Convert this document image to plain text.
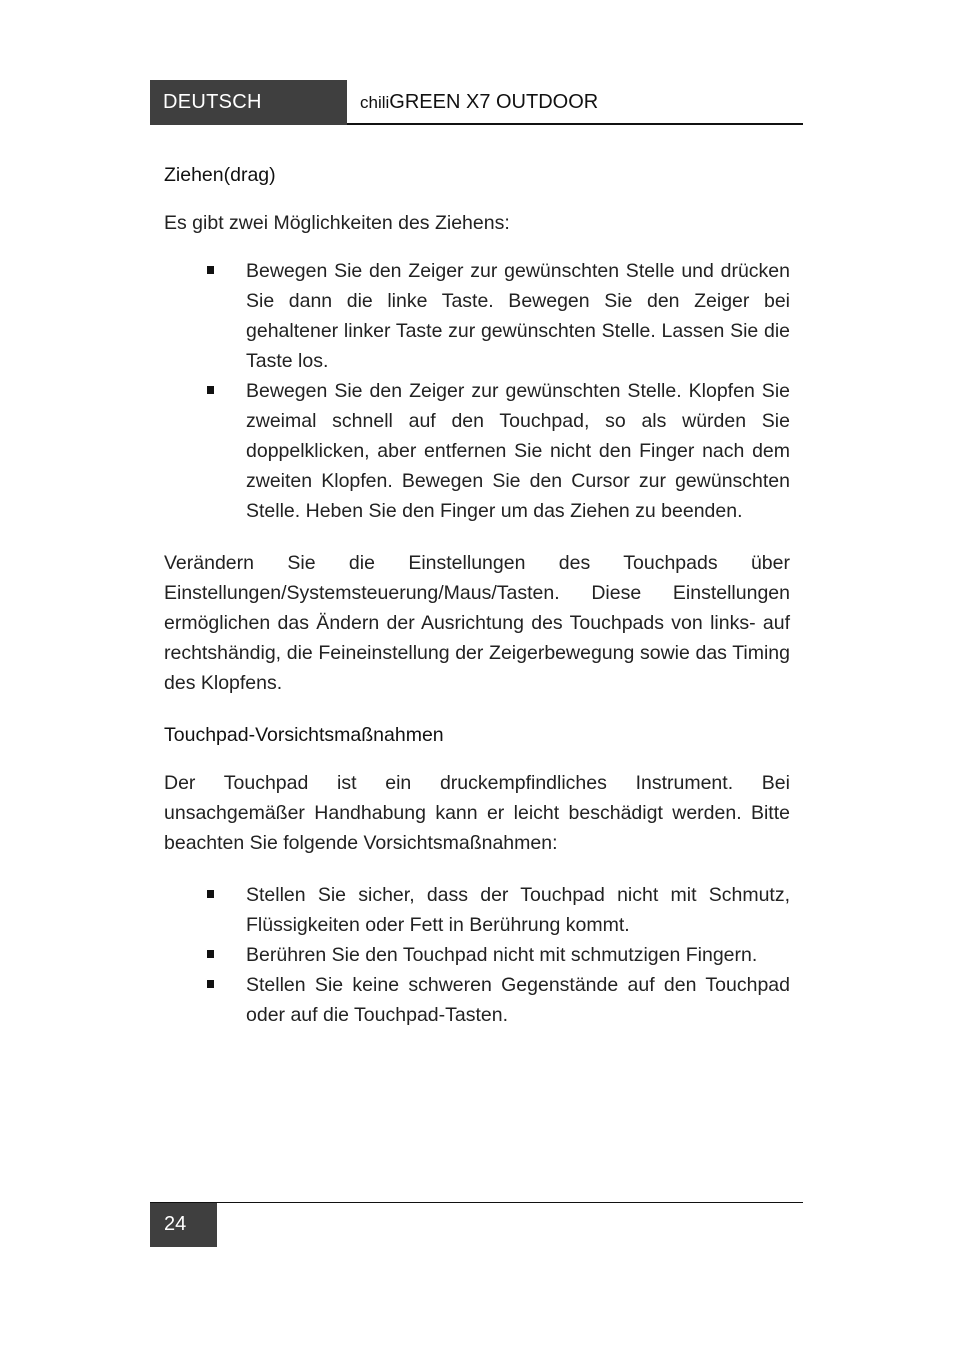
DEUTSCH	chiliGREEN X7 OUTDOOR
Ziehen(drag)

Es gibt zwei Möglichkeiten des Ziehens:

Bewegen Sie den Zeiger zur gewünschten Stelle und drücken Sie dann die linke Taste. Bewegen Sie den Zeiger bei gehaltener linker Taste zur gewünschten Stelle. Lassen Sie die Taste los.
Bewegen Sie den Zeiger zur gewünschten Stelle. Klopfen Sie zweimal schnell auf den Touchpad, so als würden Sie doppelklicken, aber entfernen Sie nicht den Finger nach dem zweiten Klopfen. Bewegen Sie den Cursor zur gewünschten Stelle. Heben Sie den Finger um das Ziehen zu beenden.

Verändern Sie die Einstellungen des Touchpads über Einstellungen/Systemsteuerung/Maus/Tasten. Diese Einstellungen ermöglichen das Ändern der Ausrichtung des Touchpads von links- auf rechtshändig, die Feineinstellung der Zeigerbewegung sowie das Timing des Klopfens.

Touchpad-Vorsichtsmaßnahmen

Der Touchpad ist ein druckempfindliches Instrument. Bei unsachgemäßer Handhabung kann er leicht beschädigt werden. Bitte beachten Sie folgende Vorsichtsmaßnahmen:

Stellen Sie sicher, dass der Touchpad nicht mit Schmutz, Flüssigkeiten oder Fett in Berührung kommt.
Berühren Sie den Touchpad nicht mit schmutzigen Fingern.
Stellen Sie keine schweren Gegenstände auf den Touchpad oder auf die Touchpad-Tasten.
24
